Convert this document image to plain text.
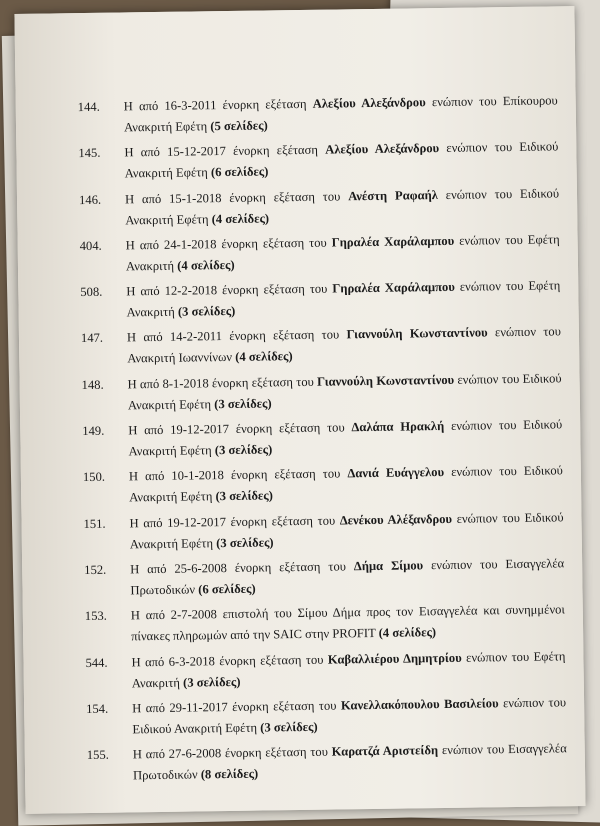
144.	Η από 16-3-2011 ένορκη εξέταση Αλεξίου Αλεξάνδρου ενώπιον του Επίκουρου Ανακριτή Εφέτη (5 σελίδες)
145.	Η από 15-12-2017 ένορκη εξέταση Αλεξίου Αλεξάνδρου ενώπιον του Ειδικού Ανακριτή Εφέτη (6 σελίδες)
146.	Η από 15-1-2018 ένορκη εξέταση του Ανέστη Ραφαήλ ενώπιον του Ειδικού Ανακριτή Εφέτη (4 σελίδες)
404.	Η από 24-1-2018 ένορκη εξέταση του Γηραλέα Χαράλαμπου ενώπιον του Εφέτη Ανακριτή (4 σελίδες)
508.	Η από 12-2-2018 ένορκη εξέταση του Γηραλέα Χαράλαμπου ενώπιον του Εφέτη Ανακριτή (3 σελίδες)
147.	Η από 14-2-2011 ένορκη εξέταση του Γιαννούλη Κωνσταντίνου ενώπιον του Ανακριτή Ιωαννίνων (4 σελίδες)
148.	Η από 8-1-2018 ένορκη εξέταση του Γιαννούλη Κωνσταντίνου ενώπιον του Ειδικού Ανακριτή Εφέτη (3 σελίδες)
149.	Η από 19-12-2017 ένορκη εξέταση του Δαλάπα Ηρακλή ενώπιον του Ειδικού Ανακριτή Εφέτη (3 σελίδες)
150.	Η από 10-1-2018 ένορκη εξέταση του Δανιά Ευάγγελου ενώπιον του Ειδικού Ανακριτή Εφέτη (3 σελίδες)
151.	Η από 19-12-2017 ένορκη εξέταση του Δενέκου Αλέξανδρου ενώπιον του Ειδικού Ανακριτή Εφέτη (3 σελίδες)
152.	Η από 25-6-2008 ένορκη εξέταση του Δήμα Σίμου ενώπιον του Εισαγγελέα Πρωτοδικών (6 σελίδες)
153.	Η από 2-7-2008 επιστολή του Σίμου Δήμα προς τον Εισαγγελέα και συνημμένοι πίνακες πληρωμών από την SAIC στην PROFIT (4 σελίδες)
544.	Η από 6-3-2018 ένορκη εξέταση του Καβαλλιέρου Δημητρίου ενώπιον του Εφέτη Ανακριτή (3 σελίδες)
154.	Η από 29-11-2017 ένορκη εξέταση του Κανελλακόπουλου Βασιλείου ενώπιον του Ειδικού Ανακριτή Εφέτη (3 σελίδες)
155.	Η από 27-6-2008 ένορκη εξέταση του Καρατζά Αριστείδη ενώπιον του Εισαγγελέα Πρωτοδικών (8 σελίδες)
